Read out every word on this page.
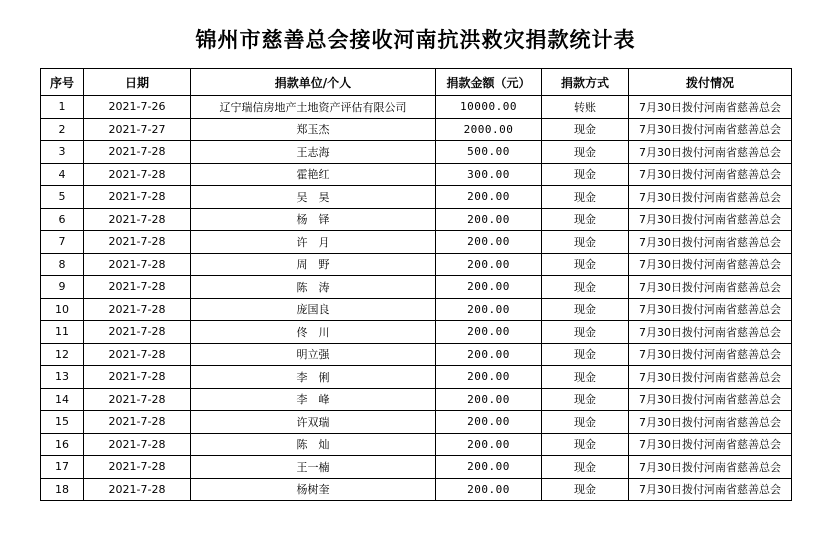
锦州市慈善总会接收河南抗洪救灾捐款统计表
序号	日期	捐款单位/个人	捐款金额（元）	捐款方式	拨付情况
1	2021-7-26	辽宁瑞信房地产土地资产评估有限公司	10000.00	转账	7月30日拨付河南省慈善总会
2	2021-7-27	郑玉杰	2000.00	现金	7月30日拨付河南省慈善总会
3	2021-7-28	王志海	500.00	现金	7月30日拨付河南省慈善总会
4	2021-7-28	霍艳红	300.00	现金	7月30日拨付河南省慈善总会
5	2021-7-28	吴　昊	200.00	现金	7月30日拨付河南省慈善总会
6	2021-7-28	杨　铎	200.00	现金	7月30日拨付河南省慈善总会
7	2021-7-28	许　月	200.00	现金	7月30日拨付河南省慈善总会
8	2021-7-28	周　野	200.00	现金	7月30日拨付河南省慈善总会
9	2021-7-28	陈　涛	200.00	现金	7月30日拨付河南省慈善总会
10	2021-7-28	庞国良	200.00	现金	7月30日拨付河南省慈善总会
11	2021-7-28	佟　川	200.00	现金	7月30日拨付河南省慈善总会
12	2021-7-28	明立强	200.00	现金	7月30日拨付河南省慈善总会
13	2021-7-28	李　俐	200.00	现金	7月30日拨付河南省慈善总会
14	2021-7-28	李　峰	200.00	现金	7月30日拨付河南省慈善总会
15	2021-7-28	许双瑞	200.00	现金	7月30日拨付河南省慈善总会
16	2021-7-28	陈　灿	200.00	现金	7月30日拨付河南省慈善总会
17	2021-7-28	王一楠	200.00	现金	7月30日拨付河南省慈善总会
18	2021-7-28	杨树奎	200.00	现金	7月30日拨付河南省慈善总会
